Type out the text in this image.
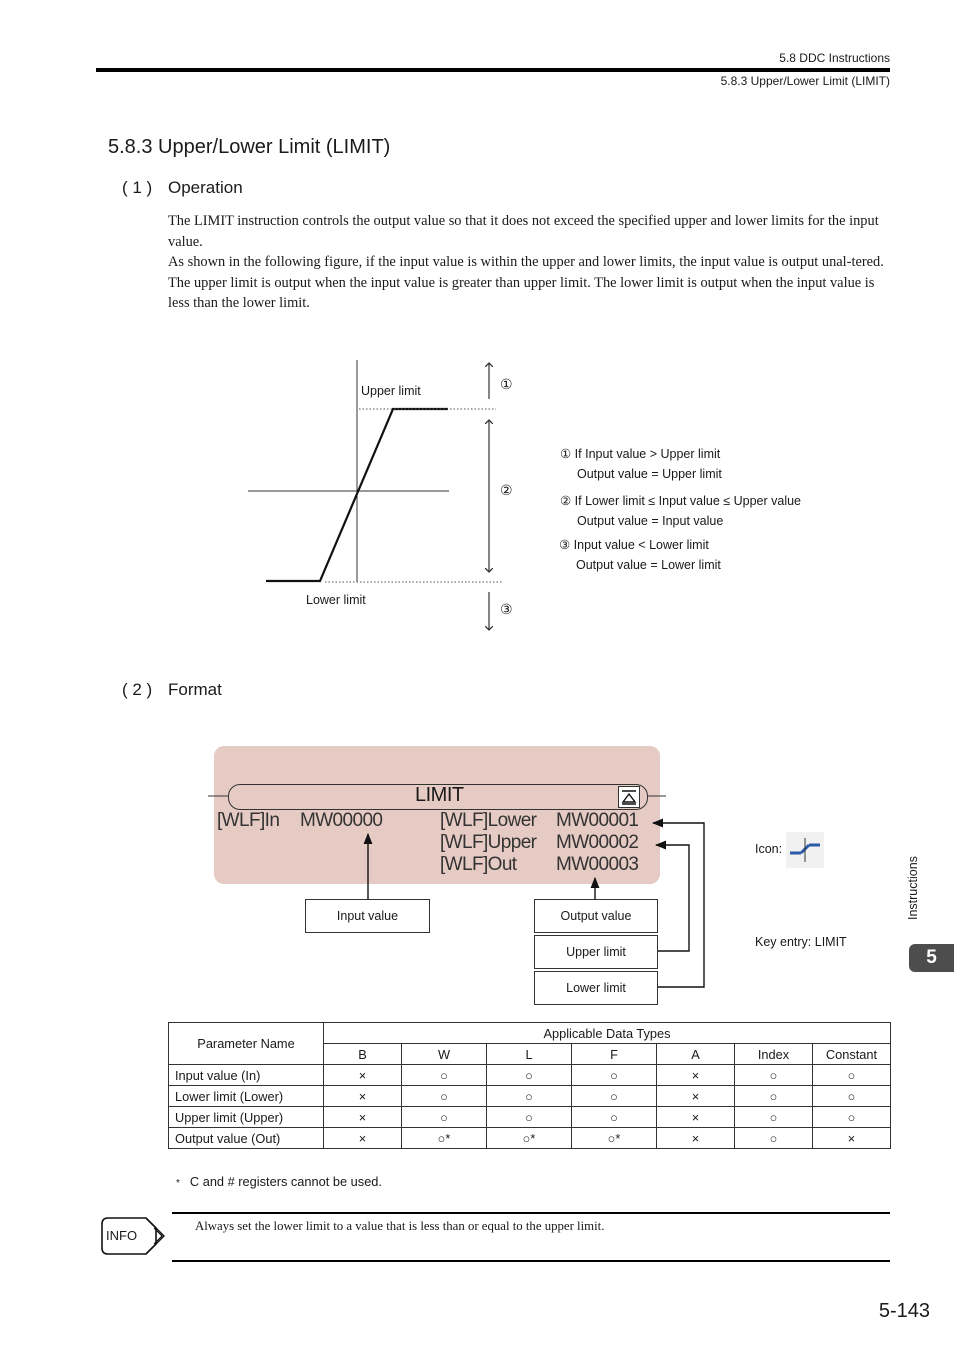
5.8 DDC Instructions
5.8.3 Upper/Lower Limit (LIMIT)
5.8.3 Upper/Lower Limit (LIMIT)
( 1 ) Operation

The LIMIT instruction controls the output value so that it does not exceed the specified upper and lower limits for the input value.

As shown in the following figure, if the input value is within the upper and lower limits, the input value is output unal-tered.

The upper limit is output when the input value is greater than upper limit. The lower limit is output when the input value is less than the lower limit.

Upper limit
Lower limit
①
②
③
① If Input value > Upper limit
Output value = Upper limit
② If Lower limit ≤ Input value ≤ Upper value
Output value = Input value
③ Input value < Lower limit
Output value = Lower limit
( 2 ) Format
LIMIT
[WLF]In MW00000	[WLF]Lower MW00001
[WLF]Upper MW00002
[WLF]Out MW00003
Input value	Output value
Upper limit
Lower limit
Icon:
Key entry: LIMIT
Parameter Name	Applicable Data Types						
	B	W	L	F	A	Index	Constant
Input value (In)	×	○	○	○	×	○	○
Lower limit (Lower)	×	○	○	○	×	○	○
Upper limit (Upper)	×	○	○	○	×	○	○
Output value (Out)	×	○*	○*	○*	×	○	×
* C and # registers cannot be used.
INFO
Always set the lower limit to a value that is less than or equal to the upper limit.
Instructions
5
5-143
